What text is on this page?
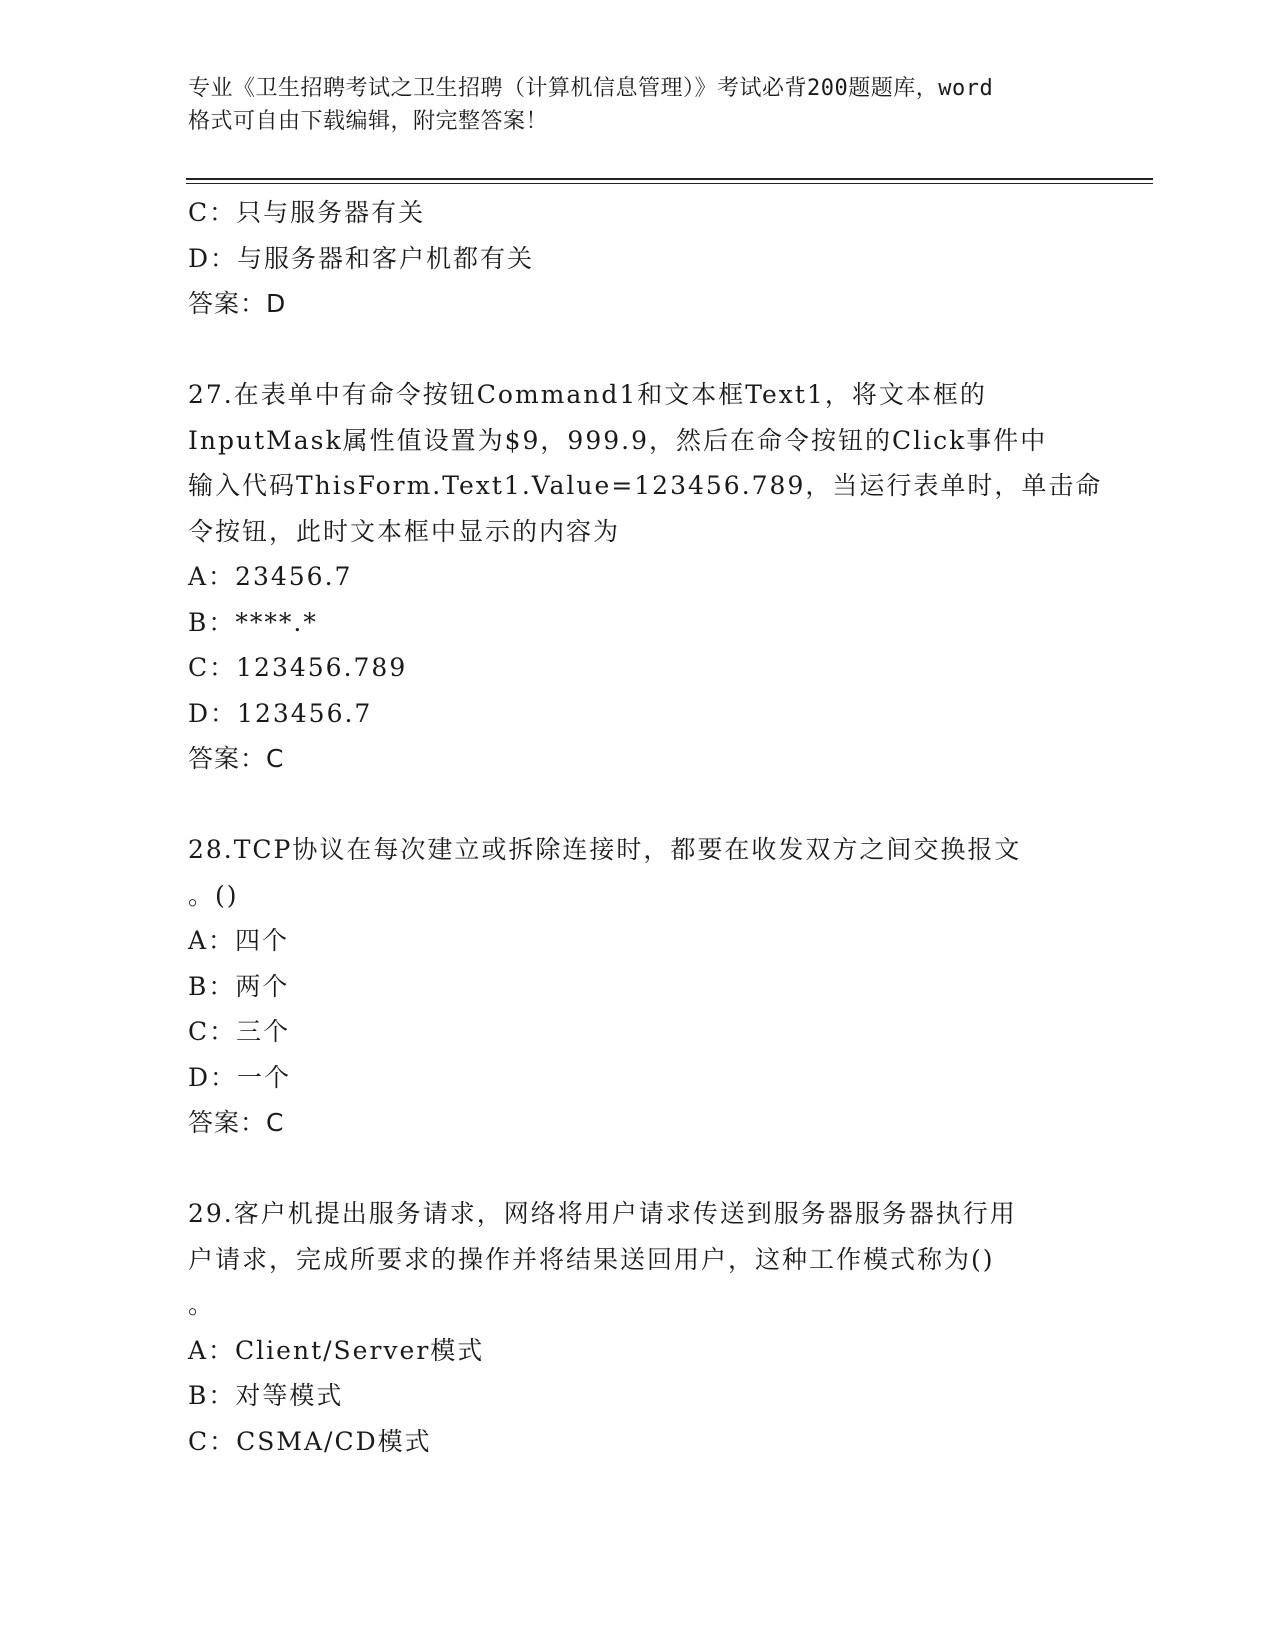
专业《卫生招聘考试之卫生招聘（计算机信息管理）》考试必背200题题库，word
格式可自由下载编辑，附完整答案！
C：只与服务器有关
D：与服务器和客户机都有关
答案：D
27.在表单中有命令按钮Command1和文本框Text1，将文本框的
InputMask属性值设置为$9，999.9，然后在命令按钮的Click事件中
输入代码ThisForm.Text1.Value=123456.789，当运行表单时，单击命
令按钮，此时文本框中显示的内容为
A：23456.7
B：****.*
C：123456.789
D：123456.7
答案：C
28.TCP协议在每次建立或拆除连接时，都要在收发双方之间交换报文
。()
A：四个
B：两个
C：三个
D：一个
答案：C
29.客户机提出服务请求，网络将用户请求传送到服务器服务器执行用
户请求，完成所要求的操作并将结果送回用户，这种工作模式称为()
。
A：Client/Server模式
B：对等模式
C：CSMA/CD模式
